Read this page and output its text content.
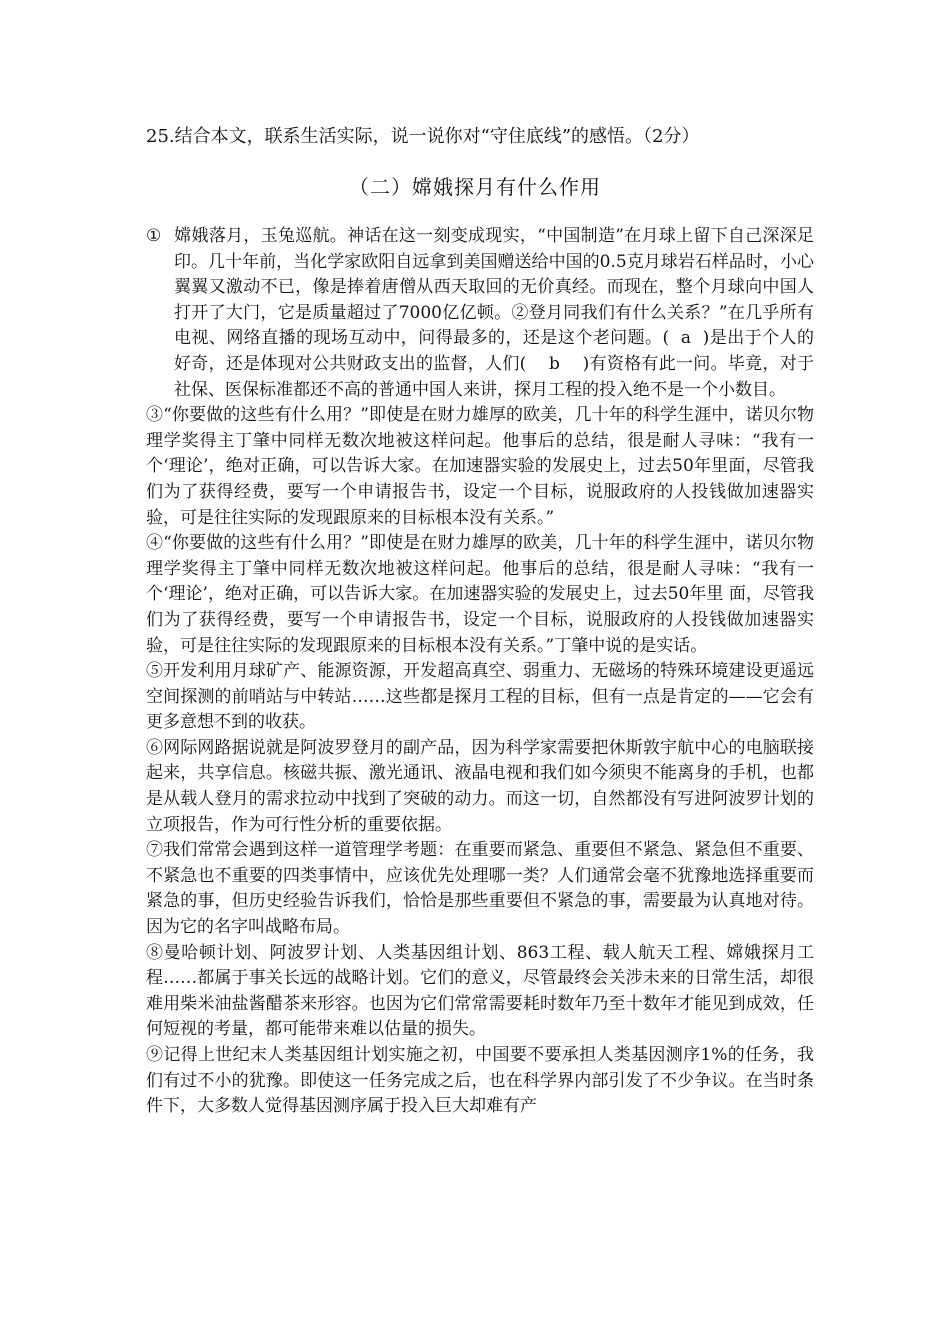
25.结合本文，联系生活实际，说一说你对“守住底线”的感悟。（2分）
（二）嫦娥探月有什么作用

① 嫦娥落月，玉兔巡航。神话在这一刻变成现实，“中国制造”在月球上留下自己深深足印。几十年前，当化学家欧阳自远拿到美国赠送给中国的0.5克月球岩石样品时，小心翼翼又激动不已，像是捧着唐僧从西天取回的无价真经。而现在，整个月球向中国人打开了大门，它是质量超过了7000亿亿顿。②登月同我们有什么关系？”在几乎所有电视、网络直播的现场互动中，问得最多的，还是这个老问题。(  a  )是出于个人的好奇，还是体现对公共财政支出的监督，人们(    b    )有资格有此一问。毕竟，对于社保、医保标准都还不高的普通中国人来讲，探月工程的投入绝不是一个小数目。

③“你要做的这些有什么用？”即使是在财力雄厚的欧美，几十年的科学生涯中，诺贝尔物理学奖得主丁肇中同样无数次地被这样问起。他事后的总结，很是耐人寻味：“我有一个‘理论’，绝对正确，可以告诉大家。在加速器实验的发展史上，过去50年里面，尽管我们为了获得经费，要写一个申请报告书，设定一个目标，说服政府的人投钱做加速器实验，可是往往实际的发现跟原来的目标根本没有关系。”

④“你要做的这些有什么用？”即使是在财力雄厚的欧美，几十年的科学生涯中，诺贝尔物理学奖得主丁肇中同样无数次地被这样问起。他事后的总结，很是耐人寻味：“我有一个‘理论’，绝对正确，可以告诉大家。在加速器实验的发展史上，过去50年里 面，尽管我们为了获得经费，要写一个申请报告书，设定一个目标，说服政府的人投钱做加速器实验，可是往往实际的发现跟原来的目标根本没有关系。”丁肇中说的是实话。

⑤开发利用月球矿产、能源资源，开发超高真空、弱重力、无磁场的特殊环境建设更遥远空间探测的前哨站与中转站……这些都是探月工程的目标，但有一点是肯定的——它会有更多意想不到的收获。

⑥网际网路据说就是阿波罗登月的副产品，因为科学家需要把休斯敦宇航中心的电脑联接起来，共享信息。核磁共振、激光通讯、液晶电视和我们如今须臾不能离身的手机，也都是从载人登月的需求拉动中找到了突破的动力。而这一切，自然都没有写进阿波罗计划的立项报告，作为可行性分析的重要依据。

⑦我们常常会遇到这样一道管理学考题：在重要而紧急、重要但不紧急、紧急但不重要、不紧急也不重要的四类事情中，应该优先处理哪一类？人们通常会毫不犹豫地选择重要而紧急的事，但历史经验告诉我们，恰恰是那些重要但不紧急的事，需要最为认真地对待。因为它的名字叫战略布局。

⑧曼哈顿计划、阿波罗计划、人类基因组计划、863工程、载人航天工程、嫦娥探月工程……都属于事关长远的战略计划。它们的意义，尽管最终会关涉未来的日常生活，却很难用柴米油盐酱醋茶来形容。也因为它们常常需要耗时数年乃至十数年才能见到成效，任何短视的考量，都可能带来难以估量的损失。

⑨记得上世纪末人类基因组计划实施之初，中国要不要承担人类基因测序1%的任务，我们有过不小的犹豫。即使这一任务完成之后，也在科学界内部引发了不少争议。在当时条件下，大多数人觉得基因测序属于投入巨大却难有产
